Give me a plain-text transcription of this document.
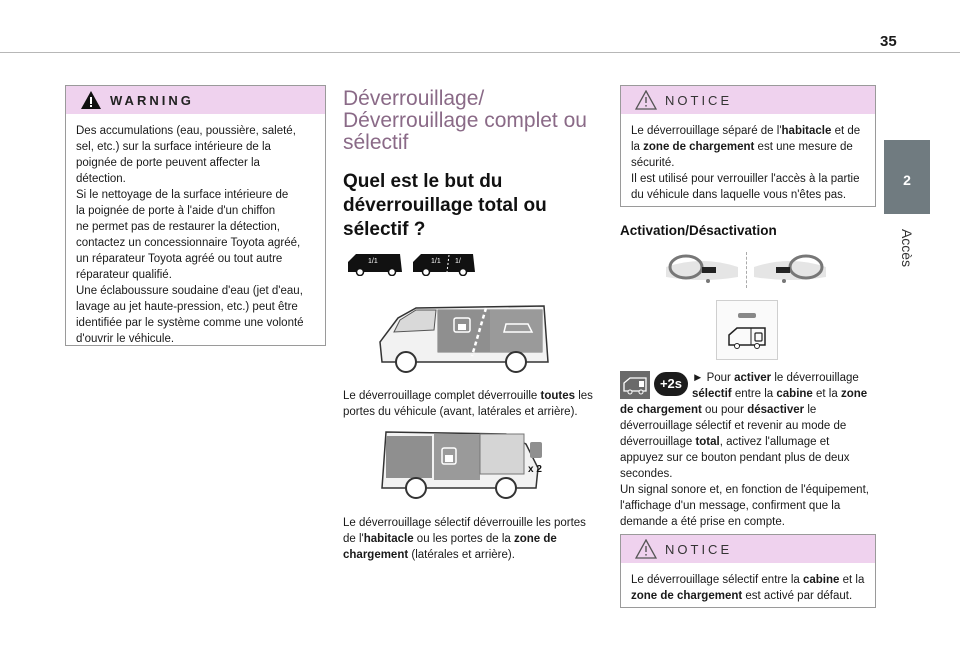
35
2
Accès
WARNING
Des accumulations (eau, poussière, saleté,
sel, etc.) sur la surface intérieure de la
poignée de porte peuvent affecter la
détection.
Si le nettoyage de la surface intérieure de
la poignée de porte à l'aide d'un chiffon
ne permet pas de restaurer la détection,
contactez un concessionnaire Toyota agréé,
un réparateur Toyota agréé ou tout autre
réparateur qualifié.
Une éclaboussure soudaine d'eau (jet d'eau,
lavage au jet haute-pression, etc.) peut être
identifiée par le système comme une volonté
d'ouvrir le véhicule.
Déverrouillage/
Déverrouillage complet ou
sélectif
Quel est le but du
déverrouillage total ou
sélectif ?
1/1	1/1 1/
Le déverrouillage complet déverrouille toutes les
portes du véhicule (avant, latérales et arrière).
x 2
Le déverrouillage sélectif déverrouille les portes
de l'habitacle ou les portes de la zone de
chargement (latérales et arrière).
NOTICE
Le déverrouillage séparé de l'habitacle et de
la zone de chargement est une mesure de
sécurité.
Il est utilisé pour verrouiller l'accès à la partie
du véhicule dans laquelle vous n'êtes pas.
Activation/Désactivation
+2s ► Pour activer le déverrouillage
sélectif entre la cabine et la zone
de chargement ou pour désactiver le
déverrouillage sélectif et revenir au mode de
déverrouillage total, activez l'allumage et
appuyez sur ce bouton pendant plus de deux
secondes.
Un signal sonore et, en fonction de l'équipement,
l'affichage d'un message, confirment que la
demande a été prise en compte.
NOTICE
Le déverrouillage sélectif entre la cabine et la
zone de chargement est activé par défaut.
